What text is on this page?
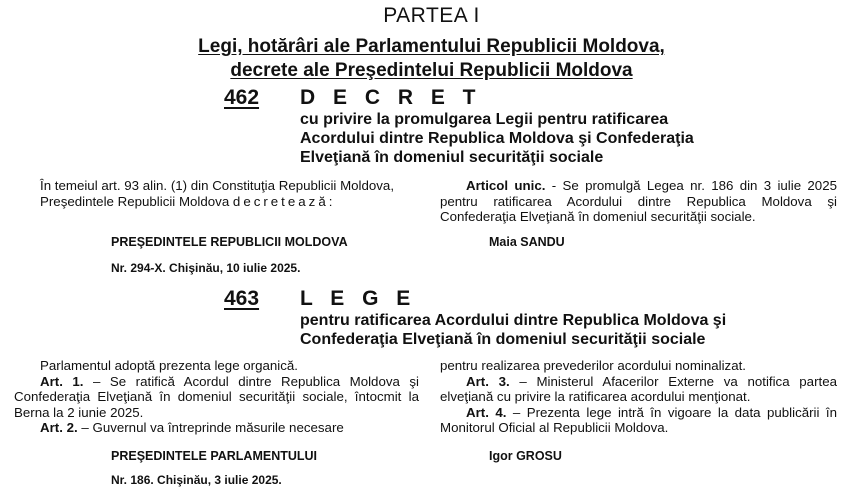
PARTEA I
Legi, hotărâri ale Parlamentului Republicii Moldova,
decrete ale Preşedintelui Republicii Moldova
462 D E C R E T
cu privire la promulgarea Legii pentru ratificarea
Acordului dintre Republica Moldova şi Confederaţia
Elveţiană în domeniul securităţii sociale

În temeiul art. 93 alin. (1) din Constituţia Republicii Moldova,

Preşedintele Republicii Moldova decretează:

Articol unic. - Se promulgă Legea nr. 186 din 3 iulie 2025 pentru ratificarea Acordului dintre Republica Moldova şi Confederaţia Elveţiană în domeniul securităţii sociale.

PREŞEDINTELE REPUBLICII MOLDOVA	Maia SANDU
Nr. 294-X. Chişinău, 10 iulie 2025.
463 L E G E
pentru ratificarea Acordului dintre Republica Moldova şi
Confederaţia Elveţiană în domeniul securităţii sociale

Parlamentul adoptă prezenta lege organică.

Art. 1. – Se ratifică Acordul dintre Republica Moldova şi Confederaţia Elveţiană în domeniul securităţii sociale, întocmit la Berna la 2 iunie 2025.

Art. 2. – Guvernul va întreprinde măsurile necesare

pentru realizarea prevederilor acordului nominalizat.

Art. 3. – Ministerul Afacerilor Externe va notifica partea elveţiană cu privire la ratificarea acordului menţionat.

Art. 4. – Prezenta lege intră în vigoare la data publicării în Monitorul Oficial al Republicii Moldova.

PREŞEDINTELE PARLAMENTULUI	Igor GROSU
Nr. 186. Chişinău, 3 iulie 2025.
